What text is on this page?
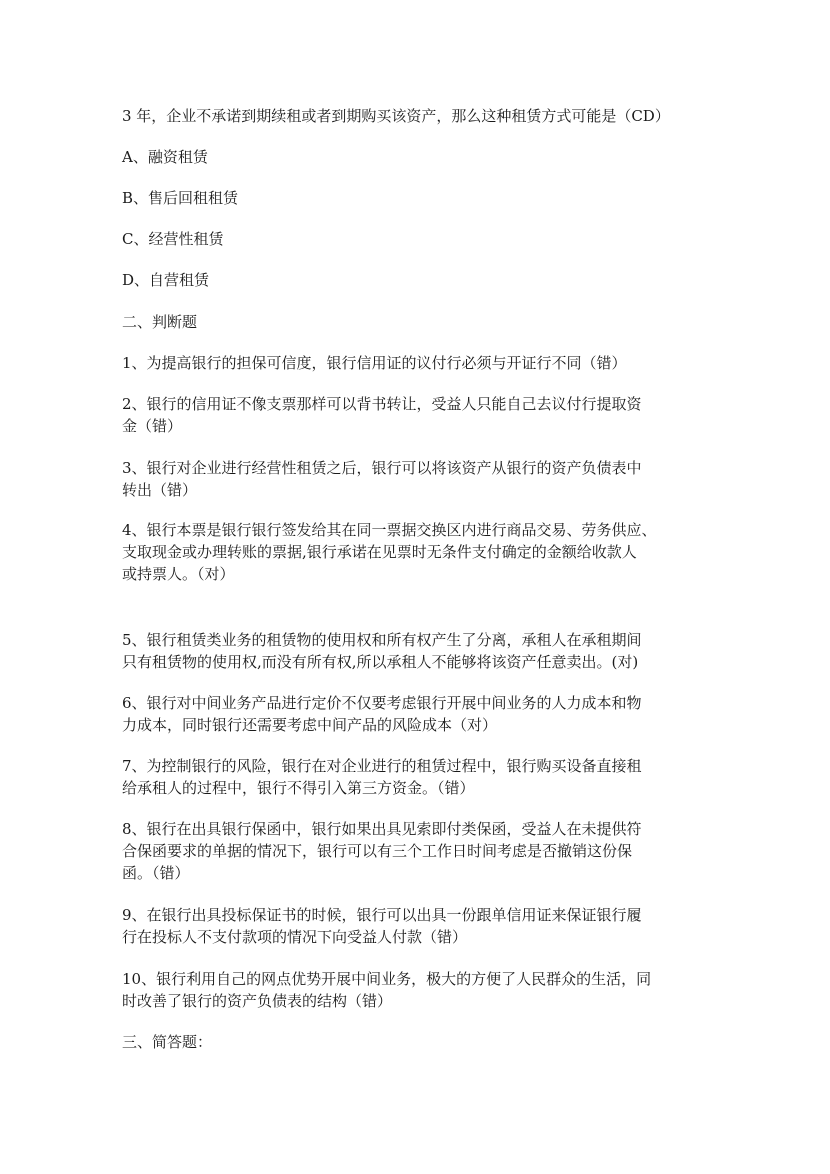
3 年，企业不承诺到期续租或者到期购买该资产，那么这种租赁方式可能是（CD）
A、融资租赁
B、售后回租租赁
C、经营性租赁
D、自营租赁
二、判断题
1、为提高银行的担保可信度，银行信用证的议付行必须与开证行不同（错）
2、银行的信用证不像支票那样可以背书转让，受益人只能自己去议付行提取资
金（错）
3、银行对企业进行经营性租赁之后，银行可以将该资产从银行的资产负债表中
转出（错）
4、银行本票是银行银行签发给其在同一票据交换区内进行商品交易、劳务供应、
支取现金或办理转账的票据,银行承诺在见票时无条件支付确定的金额给收款人
或持票人。（对）
5、银行租赁类业务的租赁物的使用权和所有权产生了分离，承租人在承租期间
只有租赁物的使用权,而没有所有权,所以承租人不能够将该资产任意卖出。(对)
6、银行对中间业务产品进行定价不仅要考虑银行开展中间业务的人力成本和物
力成本，同时银行还需要考虑中间产品的风险成本（对）
7、为控制银行的风险，银行在对企业进行的租赁过程中，银行购买设备直接租
给承租人的过程中，银行不得引入第三方资金。（错）
8、银行在出具银行保函中，银行如果出具见索即付类保函，受益人在未提供符
合保函要求的单据的情况下，银行可以有三个工作日时间考虑是否撤销这份保
函。（错）
9、在银行出具投标保证书的时候，银行可以出具一份跟单信用证来保证银行履
行在投标人不支付款项的情况下向受益人付款（错）
10、银行利用自己的网点优势开展中间业务，极大的方便了人民群众的生活，同
时改善了银行的资产负债表的结构（错）
三、简答题：
